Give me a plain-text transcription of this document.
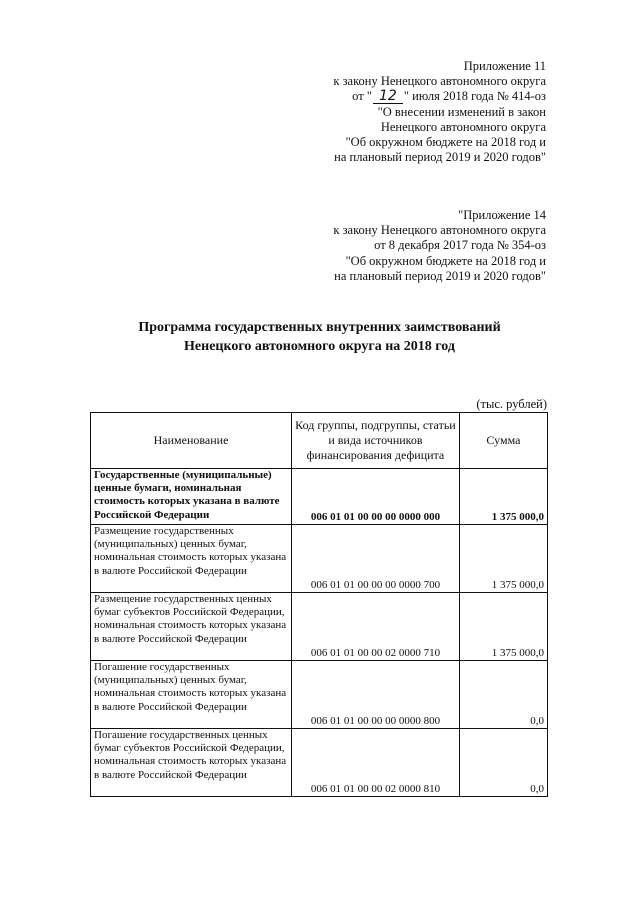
Приложение 11
к закону Ненецкого автономного округа
от " 12 " июля 2018 года № 414-оз
"О внесении изменений в закон
Ненецкого автономного округа
"Об окружном бюджете на 2018 год и
на плановый период 2019 и 2020 годов"
"Приложение 14
к закону Ненецкого автономного округа
от 8 декабря 2017 года № 354-оз
"Об окружном бюджете на 2018 год и
на плановый период 2019 и 2020 годов"
Программа государственных внутренних заимствований
Ненецкого автономного округа на 2018 год
(тыс. рублей)
Наименование	Код группы, подгруппы, статьи и вида источников финансирования дефицита	Сумма
Государственные (муниципальные) ценные бумаги, номинальная стоимость которых указана в валюте Российской Федерации	006 01 01 00 00 00 0000 000	1 375 000,0
Размещение государственных (муниципальных) ценных бумаг, номинальная стоимость которых указана в валюте Российской Федерации	006 01 01 00 00 00 0000 700	1 375 000,0
Размещение государственных ценных бумаг субъектов Российской Федерации, номинальная стоимость которых указана в валюте Российской Федерации	006 01 01 00 00 02 0000 710	1 375 000,0
Погашение государственных (муниципальных) ценных бумаг, номинальная стоимость которых указана в валюте Российской Федерации	006 01 01 00 00 00 0000 800	0,0
Погашение государственных ценных бумаг субъектов Российской Федерации, номинальная стоимость которых указана в валюте Российской Федерации	006 01 01 00 00 02 0000 810	0,0
